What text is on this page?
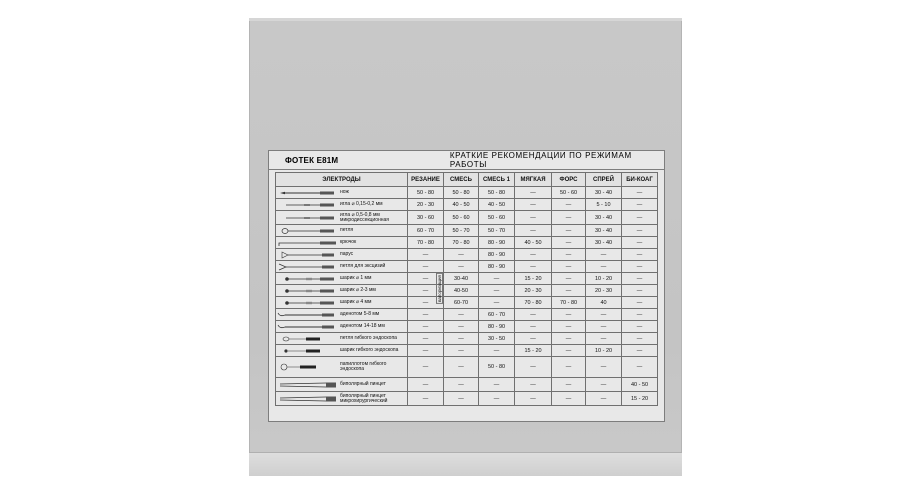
ФОТЕК E81M	КРАТКИЕ РЕКОМЕНДАЦИИ ПО РЕЖИМАМ РАБОТЫ
ЭЛЕКТРОДЫ	РЕЗАНИЕ	СМЕСЬ	СМЕСЬ 1	МЯГКАЯ	ФОРС	СПРЕЙ	БИ-КОАГ

нож	50 - 80	50 - 80	50 - 80	—	50 - 60	30 - 40	—

игла ⌀ 0,15-0,2 мм	20 - 30	40 - 50	40 - 50	—	—	5 - 10	—

игла ⌀ 0,5-0,8 мм микродиссекционная	30 - 60	50 - 60	50 - 60	—	—	30 - 40	—

петля	60 - 70	50 - 70	50 - 70	—	—	30 - 40	—

крючок	70 - 80	70 - 80	80 - 90	40 - 50	—	30 - 40	—

парус	—	—	80 - 90	—	—	—	—

петля для эксцизий	—	—	80 - 90	—	—	—	—

шарик ⌀ 1 мм	— вапоризация	30-40	—	15 - 20	—	10 - 20	—

шарик ⌀ 2-3 мм	—	40-50	—	20 - 30	—	20 - 30	—

шарик ⌀ 4 мм	—	60-70	—	70 - 80	70 - 80	40	—

аденотом 5-8 мм	—	—	60 - 70	—	—	—	—

аденотом 14-18 мм	—	—	80 - 90	—	—	—	—

петля гибкого эндоскопа	—	—	30 - 50	—	—	—	—

шарик гибкого эндоскопа	—	—	—	15 - 20	—	10 - 20	—

папиллотом гибкого эндоскопа	—	—	50 - 80	—	—	—	—

биполярный пинцет	—	—	—	—	—	—	40 - 50

биполярный пинцет микрохирургический	—	—	—	—	—	—	15 - 20
